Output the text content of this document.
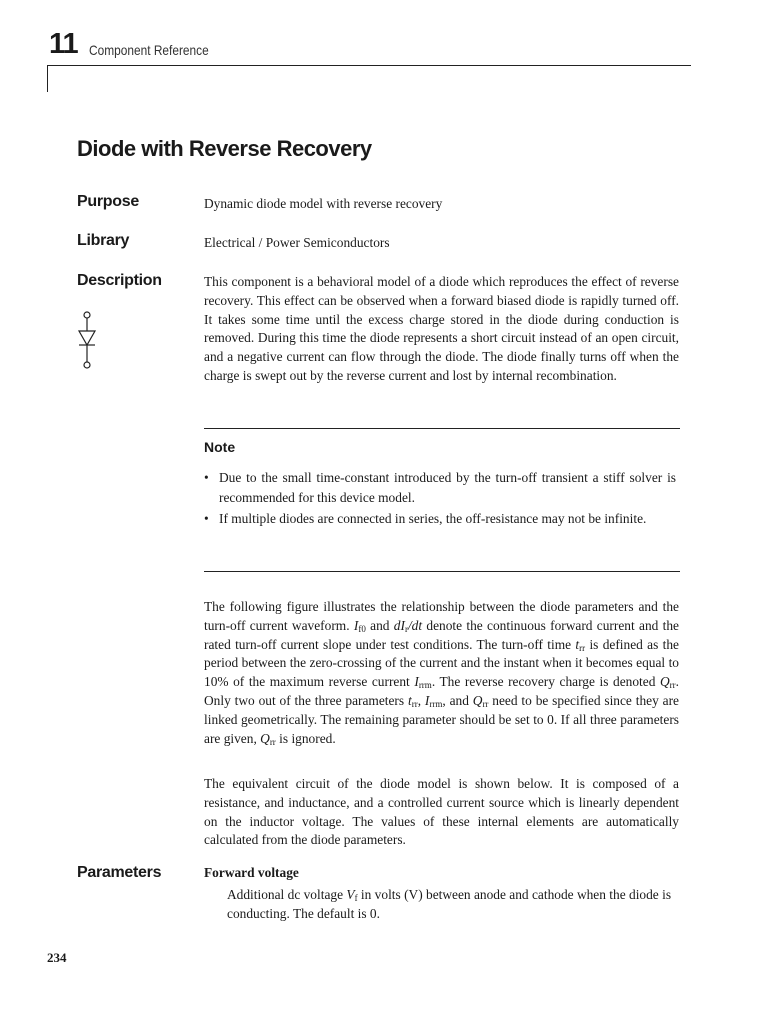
11 Component Reference
Diode with Reverse Recovery
Purpose	Dynamic diode model with reverse recovery

Library	Electrical / Power Semiconductors

Description	This component is a behavioral model of a diode which reproduces the effect of reverse recovery. This effect can be observed when a forward biased diode is rapidly turned off. It takes some time until the excess charge stored in the diode during conduction is removed. During this time the diode represents a short circuit instead of an open circuit, and a negative current can flow through the diode. The diode finally turns off when the charge is swept out by the reverse current and lost by internal recombination.

Note
• Due to the small time-constant introduced by the turn-off transient a stiff solver is recommended for this device model.
• If multiple diodes are connected in series, the off-resistance may not be infinite.

The following figure illustrates the relationship between the diode parameters and the turn-off current waveform. $I_{f0}$ and $dI_r/dt$ denote the continuous forward current and the rated turn-off current slope under test conditions. The turn-off time $t_{rr}$ is defined as the period between the zero-crossing of the current and the instant when it becomes equal to 10% of the maximum reverse current $I_{rrm}$. The reverse recovery charge is denoted $Q_{rr}$. Only two out of the three parameters $t_{rr}$, $I_{rrm}$, and $Q_{rr}$ need to be specified since they are linked geometrically. The remaining parameter should be set to 0. If all three parameters are given, $Q_{rr}$ is ignored.

The equivalent circuit of the diode model is shown below. It is composed of a resistance, and inductance, and a controlled current source which is linearly dependent on the inductor voltage. The values of these internal elements are automatically calculated from the diode parameters.

Parameters	Forward voltage

Additional dc voltage $V_f$ in volts (V) between anode and cathode when the diode is conducting. The default is 0.

234
